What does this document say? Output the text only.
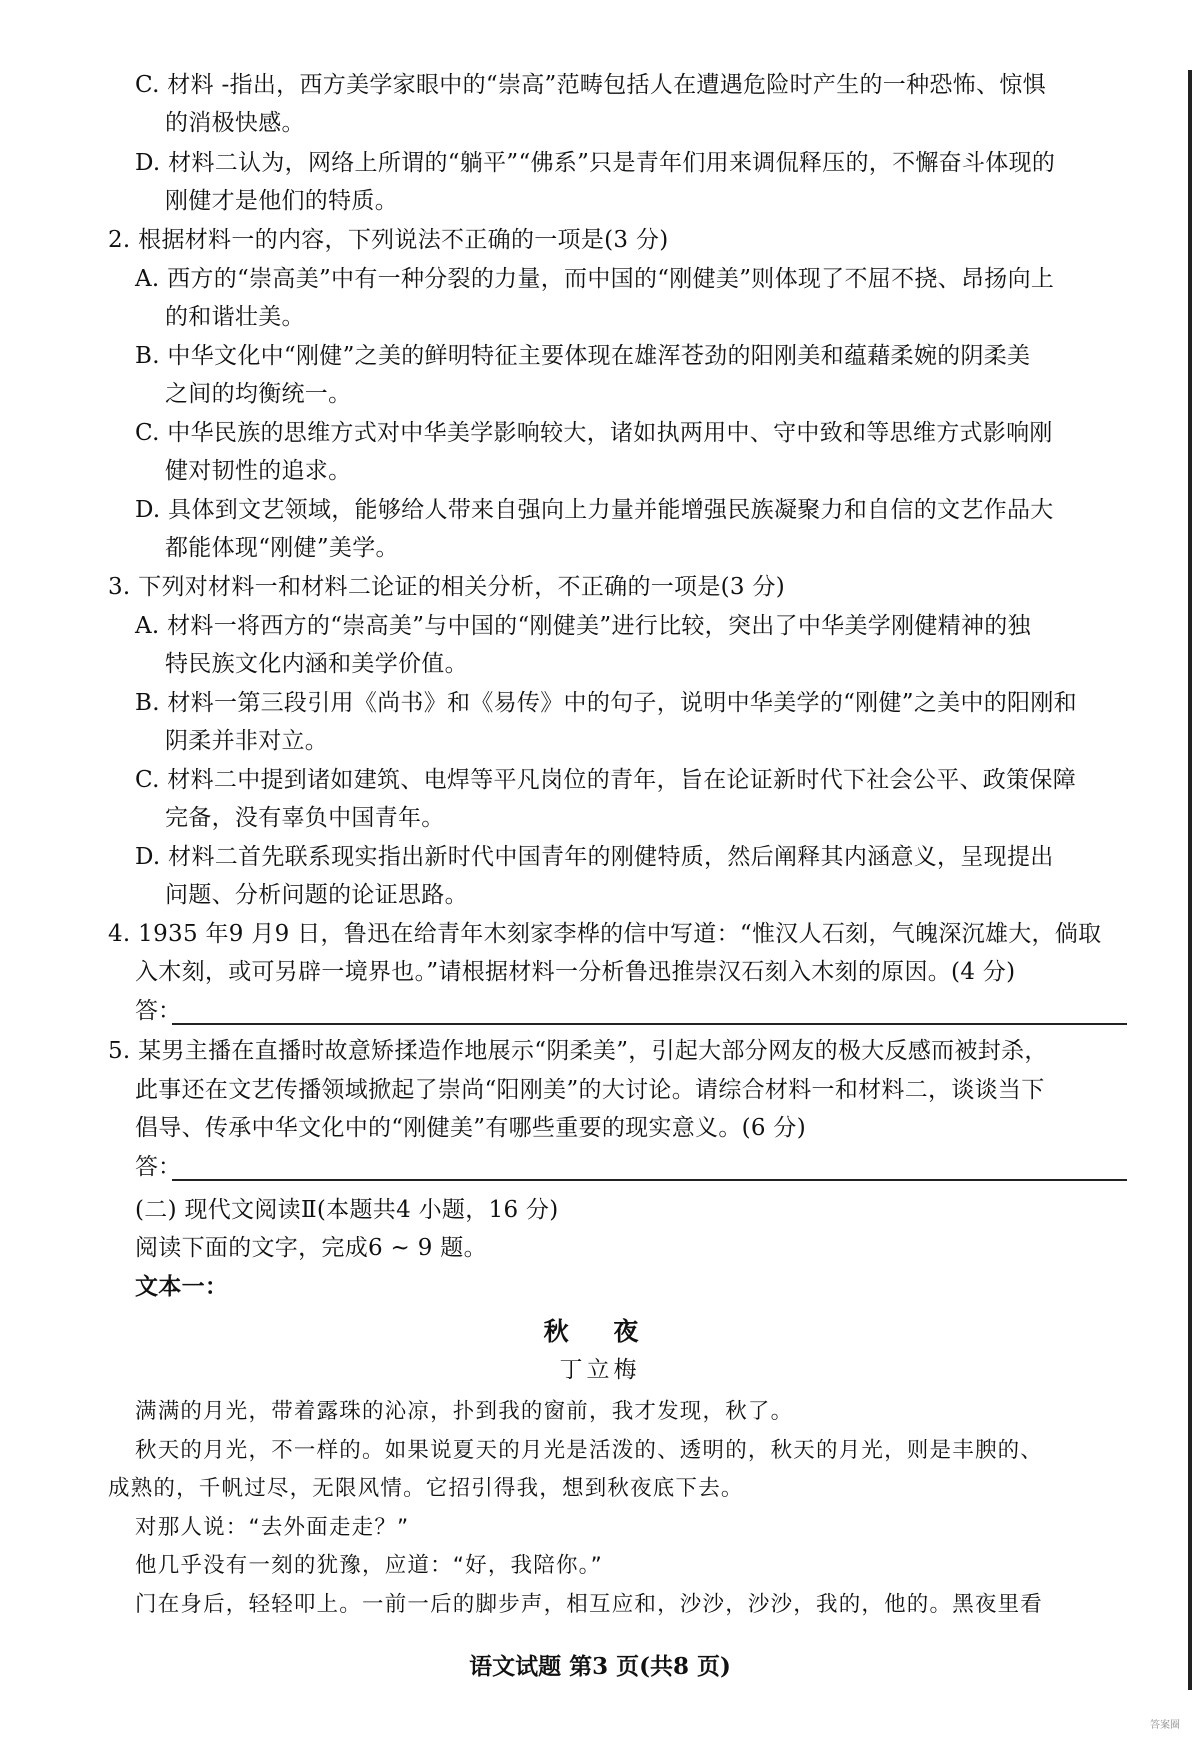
C. 材料 -指出，西方美学家眼中的“崇高”范畴包括人在遭遇危险时产生的一种恐怖、惊惧
的消极快感。
D. 材料二认为，网络上所谓的“躺平”“佛系”只是青年们用来调侃释压的，不懈奋斗体现的
刚健才是他们的特质。
2. 根据材料一的内容，下列说法不正确的一项是(3 分)
A. 西方的“崇高美”中有一种分裂的力量，而中国的“刚健美”则体现了不屈不挠、昂扬向上
的和谐壮美。
B. 中华文化中“刚健”之美的鲜明特征主要体现在雄浑苍劲的阳刚美和蕴藉柔婉的阴柔美
之间的均衡统一。
C. 中华民族的思维方式对中华美学影响较大，诸如执两用中、守中致和等思维方式影响刚
健对韧性的追求。
D. 具体到文艺领域，能够给人带来自强向上力量并能增强民族凝聚力和自信的文艺作品大
都能体现“刚健”美学。
3. 下列对材料一和材料二论证的相关分析，不正确的一项是(3 分)
A. 材料一将西方的“崇高美”与中国的“刚健美”进行比较，突出了中华美学刚健精神的独
特民族文化内涵和美学价值。
B. 材料一第三段引用《尚书》和《易传》中的句子，说明中华美学的“刚健”之美中的阳刚和
阴柔并非对立。
C. 材料二中提到诸如建筑、电焊等平凡岗位的青年，旨在论证新时代下社会公平、政策保障
完备，没有辜负中国青年。
D. 材料二首先联系现实指出新时代中国青年的刚健特质，然后阐释其内涵意义，呈现提出
问题、分析问题的论证思路。
4. 1935 年9 月9 日，鲁迅在给青年木刻家李桦的信中写道：“惟汉人石刻，气魄深沉雄大，倘取
入木刻，或可另辟一境界也。”请根据材料一分析鲁迅推崇汉石刻入木刻的原因。(4 分)
答：
5. 某男主播在直播时故意矫揉造作地展示“阴柔美”，引起大部分网友的极大反感而被封杀，
此事还在文艺传播领域掀起了崇尚“阳刚美”的大讨论。请综合材料一和材料二，谈谈当下
倡导、传承中华文化中的“刚健美”有哪些重要的现实意义。(6 分)
答：
(二) 现代文阅读Ⅱ(本题共4 小题，16 分)
阅读下面的文字，完成6 ~ 9 题。
文本一：
秋 夜
丁立梅
满满的月光，带着露珠的沁凉，扑到我的窗前，我才发现，秋了。
秋天的月光，不一样的。如果说夏天的月光是活泼的、透明的，秋天的月光，则是丰腴的、
成熟的，千帆过尽，无限风情。它招引得我，想到秋夜底下去。
对那人说：“去外面走走？”
他几乎没有一刻的犹豫，应道：“好，我陪你。”
门在身后，轻轻叩上。一前一后的脚步声，相互应和，沙沙，沙沙，我的，他的。黑夜里看
语文试题 第3 页(共8 页)
答案圈
